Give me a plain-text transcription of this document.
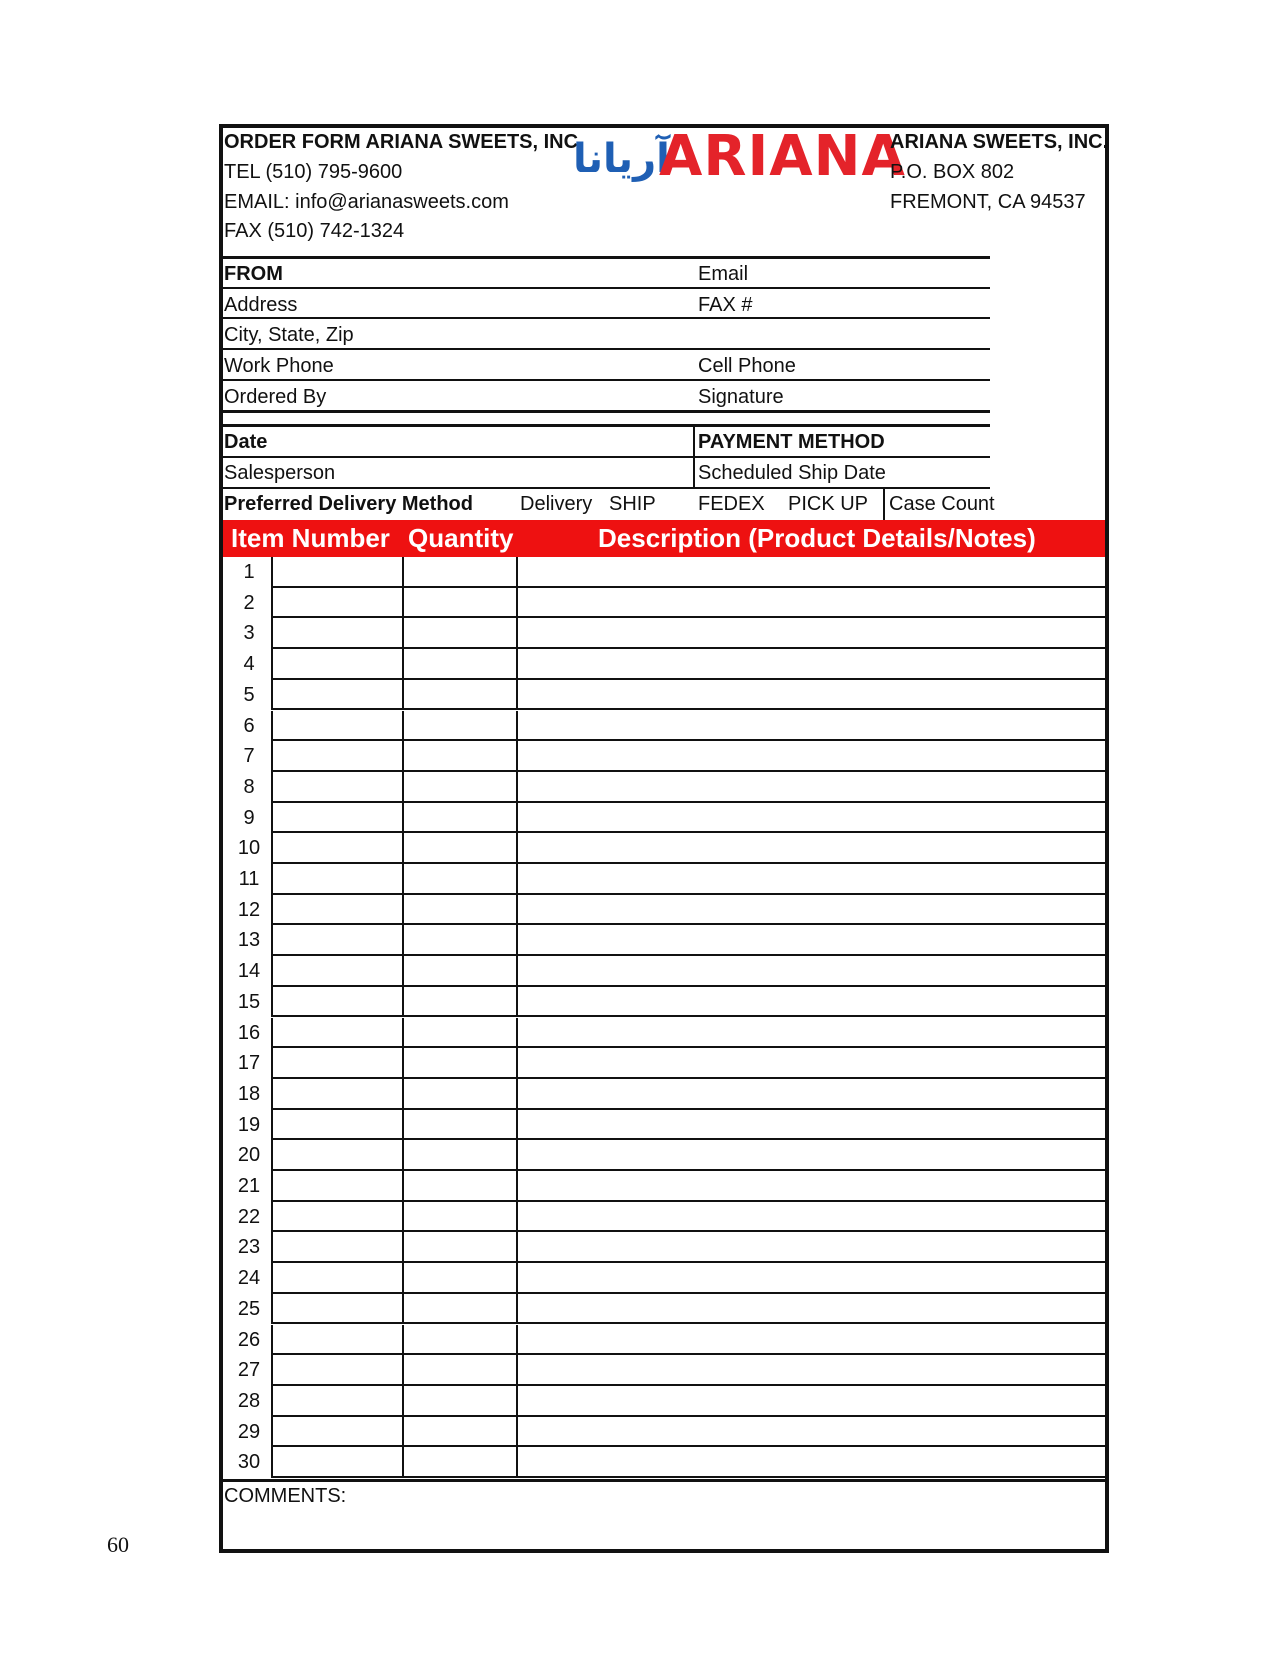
ORDER FORM ARIANA SWEETS, INC.
TEL (510) 795-9600
EMAIL: info@arianasweets.com
FAX (510) 742-1324
آريانا
ARIANA
ARIANA SWEETS, INC.
P.O. BOX 802
FREMONT, CA 94537
FROM	Email
Address	FAX #
City, State, Zip
Work Phone	Cell Phone
Ordered By	Signature
Date	PAYMENT METHOD
Salesperson	Scheduled Ship Date
Preferred Delivery Method Delivery SHIP FEDEX PICK UP Case Count
Item Number Quantity	Description (Product Details/Notes)
1
2
3
4
5
6
7
8
9
10
11
12
13
14
15
16
17
18
19
20
21
22
23
24
25
26
27
28
29
30
COMMENTS:
60
